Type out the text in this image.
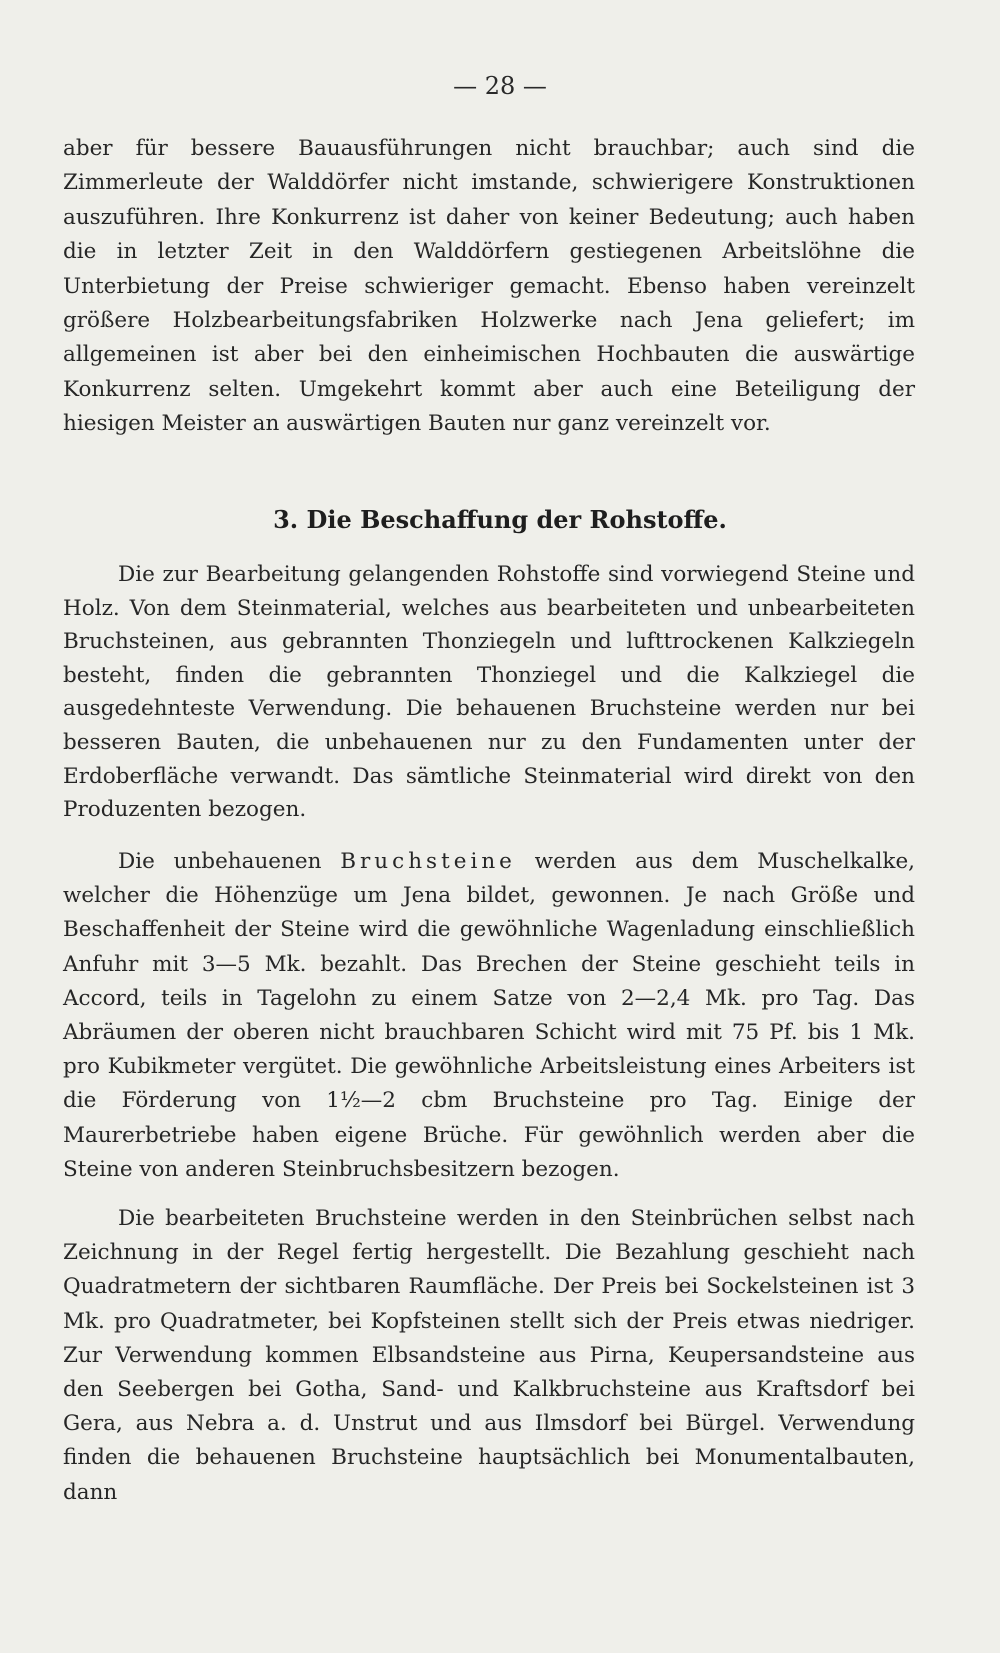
— 28 —

aber für bessere Bauausführungen nicht brauchbar; auch sind die Zimmerleute der Walddörfer nicht imstande, schwierigere Konstruktionen auszuführen. Ihre Konkurrenz ist daher von keiner Bedeutung; auch haben die in letzter Zeit in den Walddörfern gestiegenen Arbeitslöhne die Unterbietung der Preise schwieriger gemacht. Ebenso haben vereinzelt größere Holzbearbeitungsfabriken Holzwerke nach Jena geliefert; im allgemeinen ist aber bei den einheimischen Hochbauten die auswärtige Konkurrenz selten. Umgekehrt kommt aber auch eine Beteiligung der hiesigen Meister an auswärtigen Bauten nur ganz vereinzelt vor.

3. Die Beschaffung der Rohstoffe.

Die zur Bearbeitung gelangenden Rohstoffe sind vorwiegend Steine und Holz. Von dem Steinmaterial, welches aus bearbeiteten und unbearbeiteten Bruchsteinen, aus gebrannten Thonziegeln und lufttrockenen Kalkziegeln besteht, finden die gebrannten Thonziegel und die Kalkziegel die ausgedehnteste Verwendung. Die behauenen Bruchsteine werden nur bei besseren Bauten, die unbehauenen nur zu den Fundamenten unter der Erdoberfläche verwandt. Das sämtliche Steinmaterial wird direkt von den Produzenten bezogen.

Die unbehauenen Bruchsteine werden aus dem Muschelkalke, welcher die Höhenzüge um Jena bildet, gewonnen. Je nach Größe und Beschaffenheit der Steine wird die gewöhnliche Wagenladung einschließlich Anfuhr mit 3—5 Mk. bezahlt. Das Brechen der Steine geschieht teils in Accord, teils in Tagelohn zu einem Satze von 2—2,4 Mk. pro Tag. Das Abräumen der oberen nicht brauchbaren Schicht wird mit 75 Pf. bis 1 Mk. pro Kubikmeter vergütet. Die gewöhnliche Arbeitsleistung eines Arbeiters ist die Förderung von 1½—2 cbm Bruchsteine pro Tag. Einige der Maurerbetriebe haben eigene Brüche. Für gewöhnlich werden aber die Steine von anderen Steinbruchsbesitzern bezogen.

Die bearbeiteten Bruchsteine werden in den Steinbrüchen selbst nach Zeichnung in der Regel fertig hergestellt. Die Bezahlung geschieht nach Quadratmetern der sichtbaren Raumfläche. Der Preis bei Sockelsteinen ist 3 Mk. pro Quadratmeter, bei Kopfsteinen stellt sich der Preis etwas niedriger. Zur Verwendung kommen Elbsandsteine aus Pirna, Keupersandsteine aus den Seebergen bei Gotha, Sand- und Kalkbruchsteine aus Kraftsdorf bei Gera, aus Nebra a. d. Unstrut und aus Ilmsdorf bei Bürgel. Verwendung finden die behauenen Bruchsteine hauptsächlich bei Monumentalbauten, dann
